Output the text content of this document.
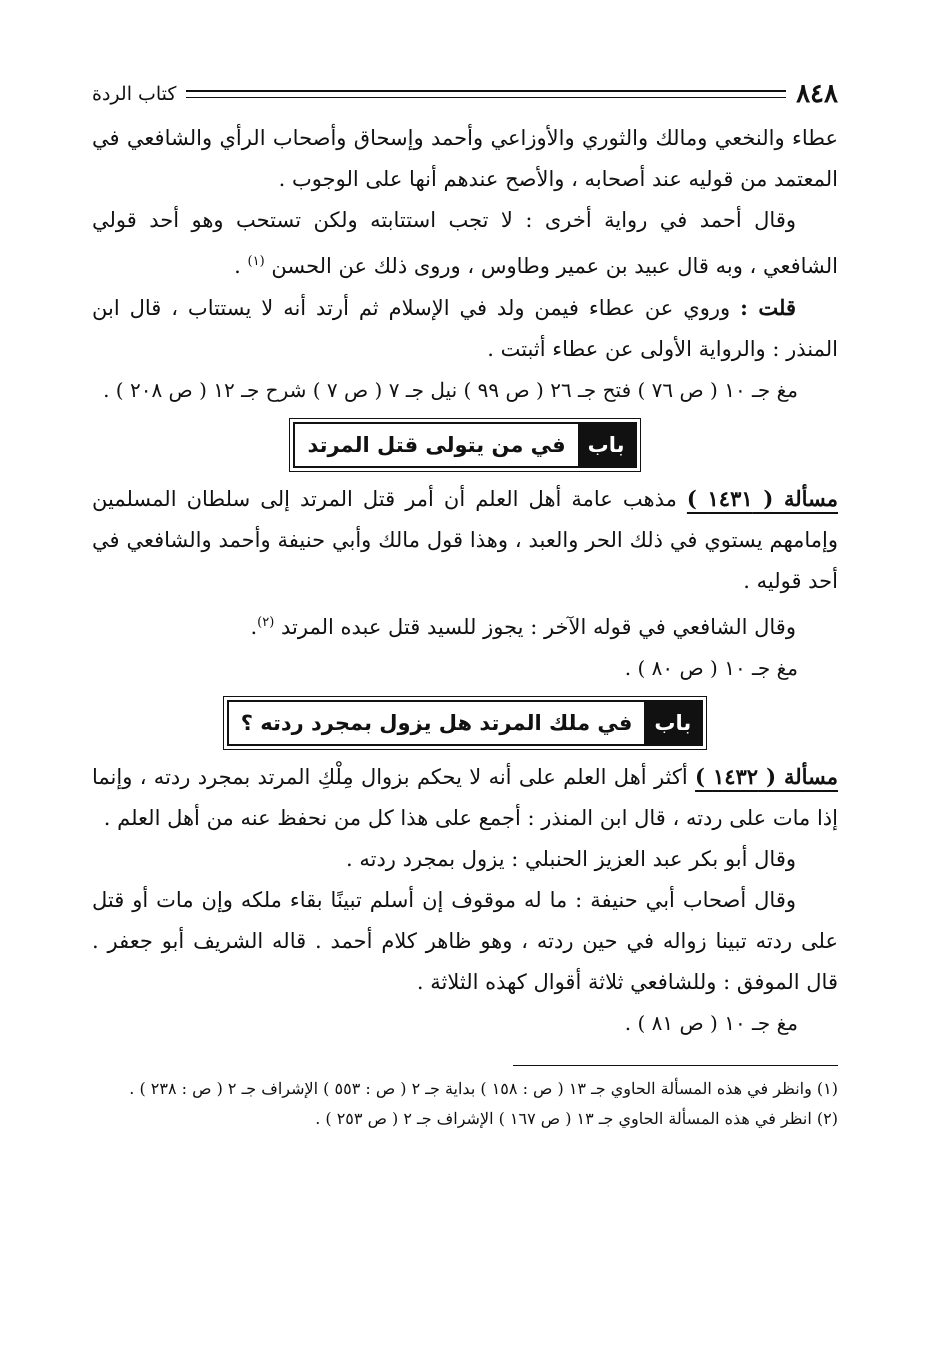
٨٤٨
كتاب الردة

عطاء والنخعي ومالك والثوري والأوزاعي وأحمد وإسحاق وأصحاب الرأي والشافعي في المعتمد من قوليه عند أصحابه ، والأصح عندهم أنها على الوجوب .

وقال أحمد في رواية أخرى : لا تجب استتابته ولكن تستحب وهو أحد قولي الشافعي ، وبه قال عبيد بن عمير وطاوس ، وروى ذلك عن الحسن $^{(١)}$ .

قلت : وروي عن عطاء فيمن ولد في الإسلام ثم أرتد أنه لا يستتاب ، قال ابن المنذر : والرواية الأولى عن عطاء أثبتت .

مغ جـ ١٠ ( ص ٧٦ ) فتح جـ ٢٦ ( ص ٩٩ ) نيل جـ ٧ ( ص ٧ ) شرح جـ ١٢ ( ص ٢٠٨ ) .

باب
في من يتولى قتل المرتد

مسألة ( ١٤٣١ ) مذهب عامة أهل العلم أن أمر قتل المرتد إلى سلطان المسلمين وإمامهم يستوي في ذلك الحر والعبد ، وهذا قول مالك وأبي حنيفة وأحمد والشافعي في أحد قوليه .

وقال الشافعي في قوله الآخر : يجوز للسيد قتل عبده المرتد $^{(٢)}$.

مغ جـ ١٠ ( ص ٨٠ ) .

باب
في ملك المرتد هل يزول بمجرد ردته ؟

مسألة ( ١٤٣٢ ) أكثر أهل العلم على أنه لا يحكم بزوال مِلْكِ المرتد بمجرد ردته ، وإنما إذا مات على ردته ، قال ابن المنذر : أجمع على هذا كل من نحفظ عنه من أهل العلم .

وقال أبو بكر عبد العزيز الحنبلي : يزول بمجرد ردته .

وقال أصحاب أبي حنيفة : ما له موقوف إن أسلم تبينًا بقاء ملكه وإن مات أو قتل على ردته تبينا زواله في حين ردته ، وهو ظاهر كلام أحمد . قاله الشريف أبو جعفر . قال الموفق : وللشافعي ثلاثة أقوال كهذه الثلاثة .

مغ جـ ١٠ ( ص ٨١ ) .

(١) وانظر في هذه المسألة الحاوي جـ ١٣ ( ص : ١٥٨ ) بداية جـ ٢ ( ص : ٥٥٣ ) الإشراف جـ ٢ ( ص : ٢٣٨ ) .

(٢) انظر في هذه المسألة الحاوي جـ ١٣ ( ص ١٦٧ ) الإشراف جـ ٢ ( ص ٢٥٣ ) .
